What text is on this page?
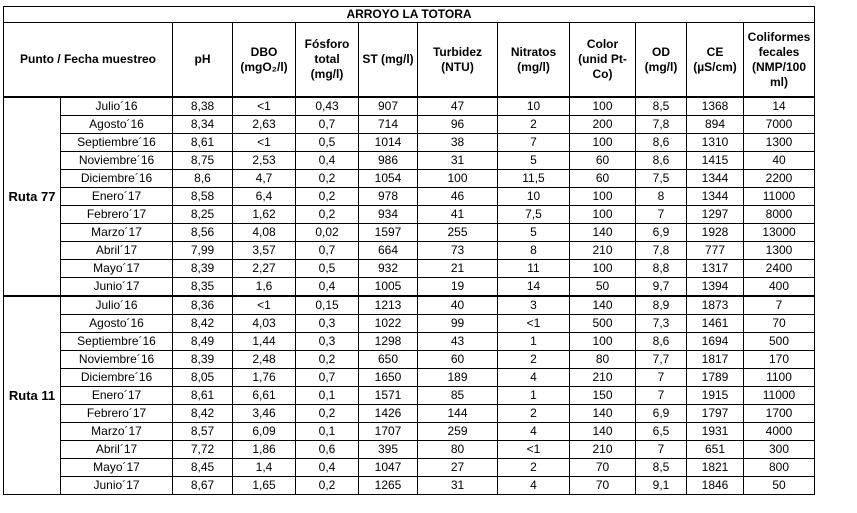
ARROYO LA TOTORA											
Punto / Fecha muestreo		pH	DBO (mgO₂/l)	Fósforo total (mg/l)	ST (mg/l)	Turbidez (NTU)	Nitratos (mg/l)	Color (unid Pt-Co)	OD (mg/l)	CE (µS/cm)	Coliformes fecales (NMP/100 ml)
Ruta 77	Julio´16	8,38	<1	0,43	907	47	10	100	8,5	1368	14
	Agosto´16	8,34	2,63	0,7	714	96	2	200	7,8	894	7000
	Septiembre´16	8,61	<1	0,5	1014	38	7	100	8,6	1310	1300
	Noviembre´16	8,75	2,53	0,4	986	31	5	60	8,6	1415	40
	Diciembre´16	8,6	4,7	0,2	1054	100	11,5	60	7,5	1344	2200
	Enero´17	8,58	6,4	0,2	978	46	10	100	8	1344	11000
	Febrero´17	8,25	1,62	0,2	934	41	7,5	100	7	1297	8000
	Marzo´17	8,56	4,08	0,02	1597	255	5	140	6,9	1928	13000
	Abril´17	7,99	3,57	0,7	664	73	8	210	7,8	777	1300
	Mayo´17	8,39	2,27	0,5	932	21	11	100	8,8	1317	2400
	Junio´17	8,35	1,6	0,4	1005	19	14	50	9,7	1394	400
Ruta 11	Julio´16	8,36	<1	0,15	1213	40	3	140	8,9	1873	7
	Agosto´16	8,42	4,03	0,3	1022	99	<1	500	7,3	1461	70
	Septiembre´16	8,49	1,44	0,3	1298	43	1	100	8,6	1694	500
	Noviembre´16	8,39	2,48	0,2	650	60	2	80	7,7	1817	170
	Diciembre´16	8,05	1,76	0,7	1650	189	4	210	7	1789	1100
	Enero´17	8,61	6,61	0,1	1571	85	1	150	7	1915	11000
	Febrero´17	8,42	3,46	0,2	1426	144	2	140	6,9	1797	1700
	Marzo´17	8,57	6,09	0,1	1707	259	4	140	6,5	1931	4000
	Abril´17	7,72	1,86	0,6	395	80	<1	210	7	651	300
	Mayo´17	8,45	1,4	0,4	1047	27	2	70	8,5	1821	800
	Junio´17	8,67	1,65	0,2	1265	31	4	70	9,1	1846	50
